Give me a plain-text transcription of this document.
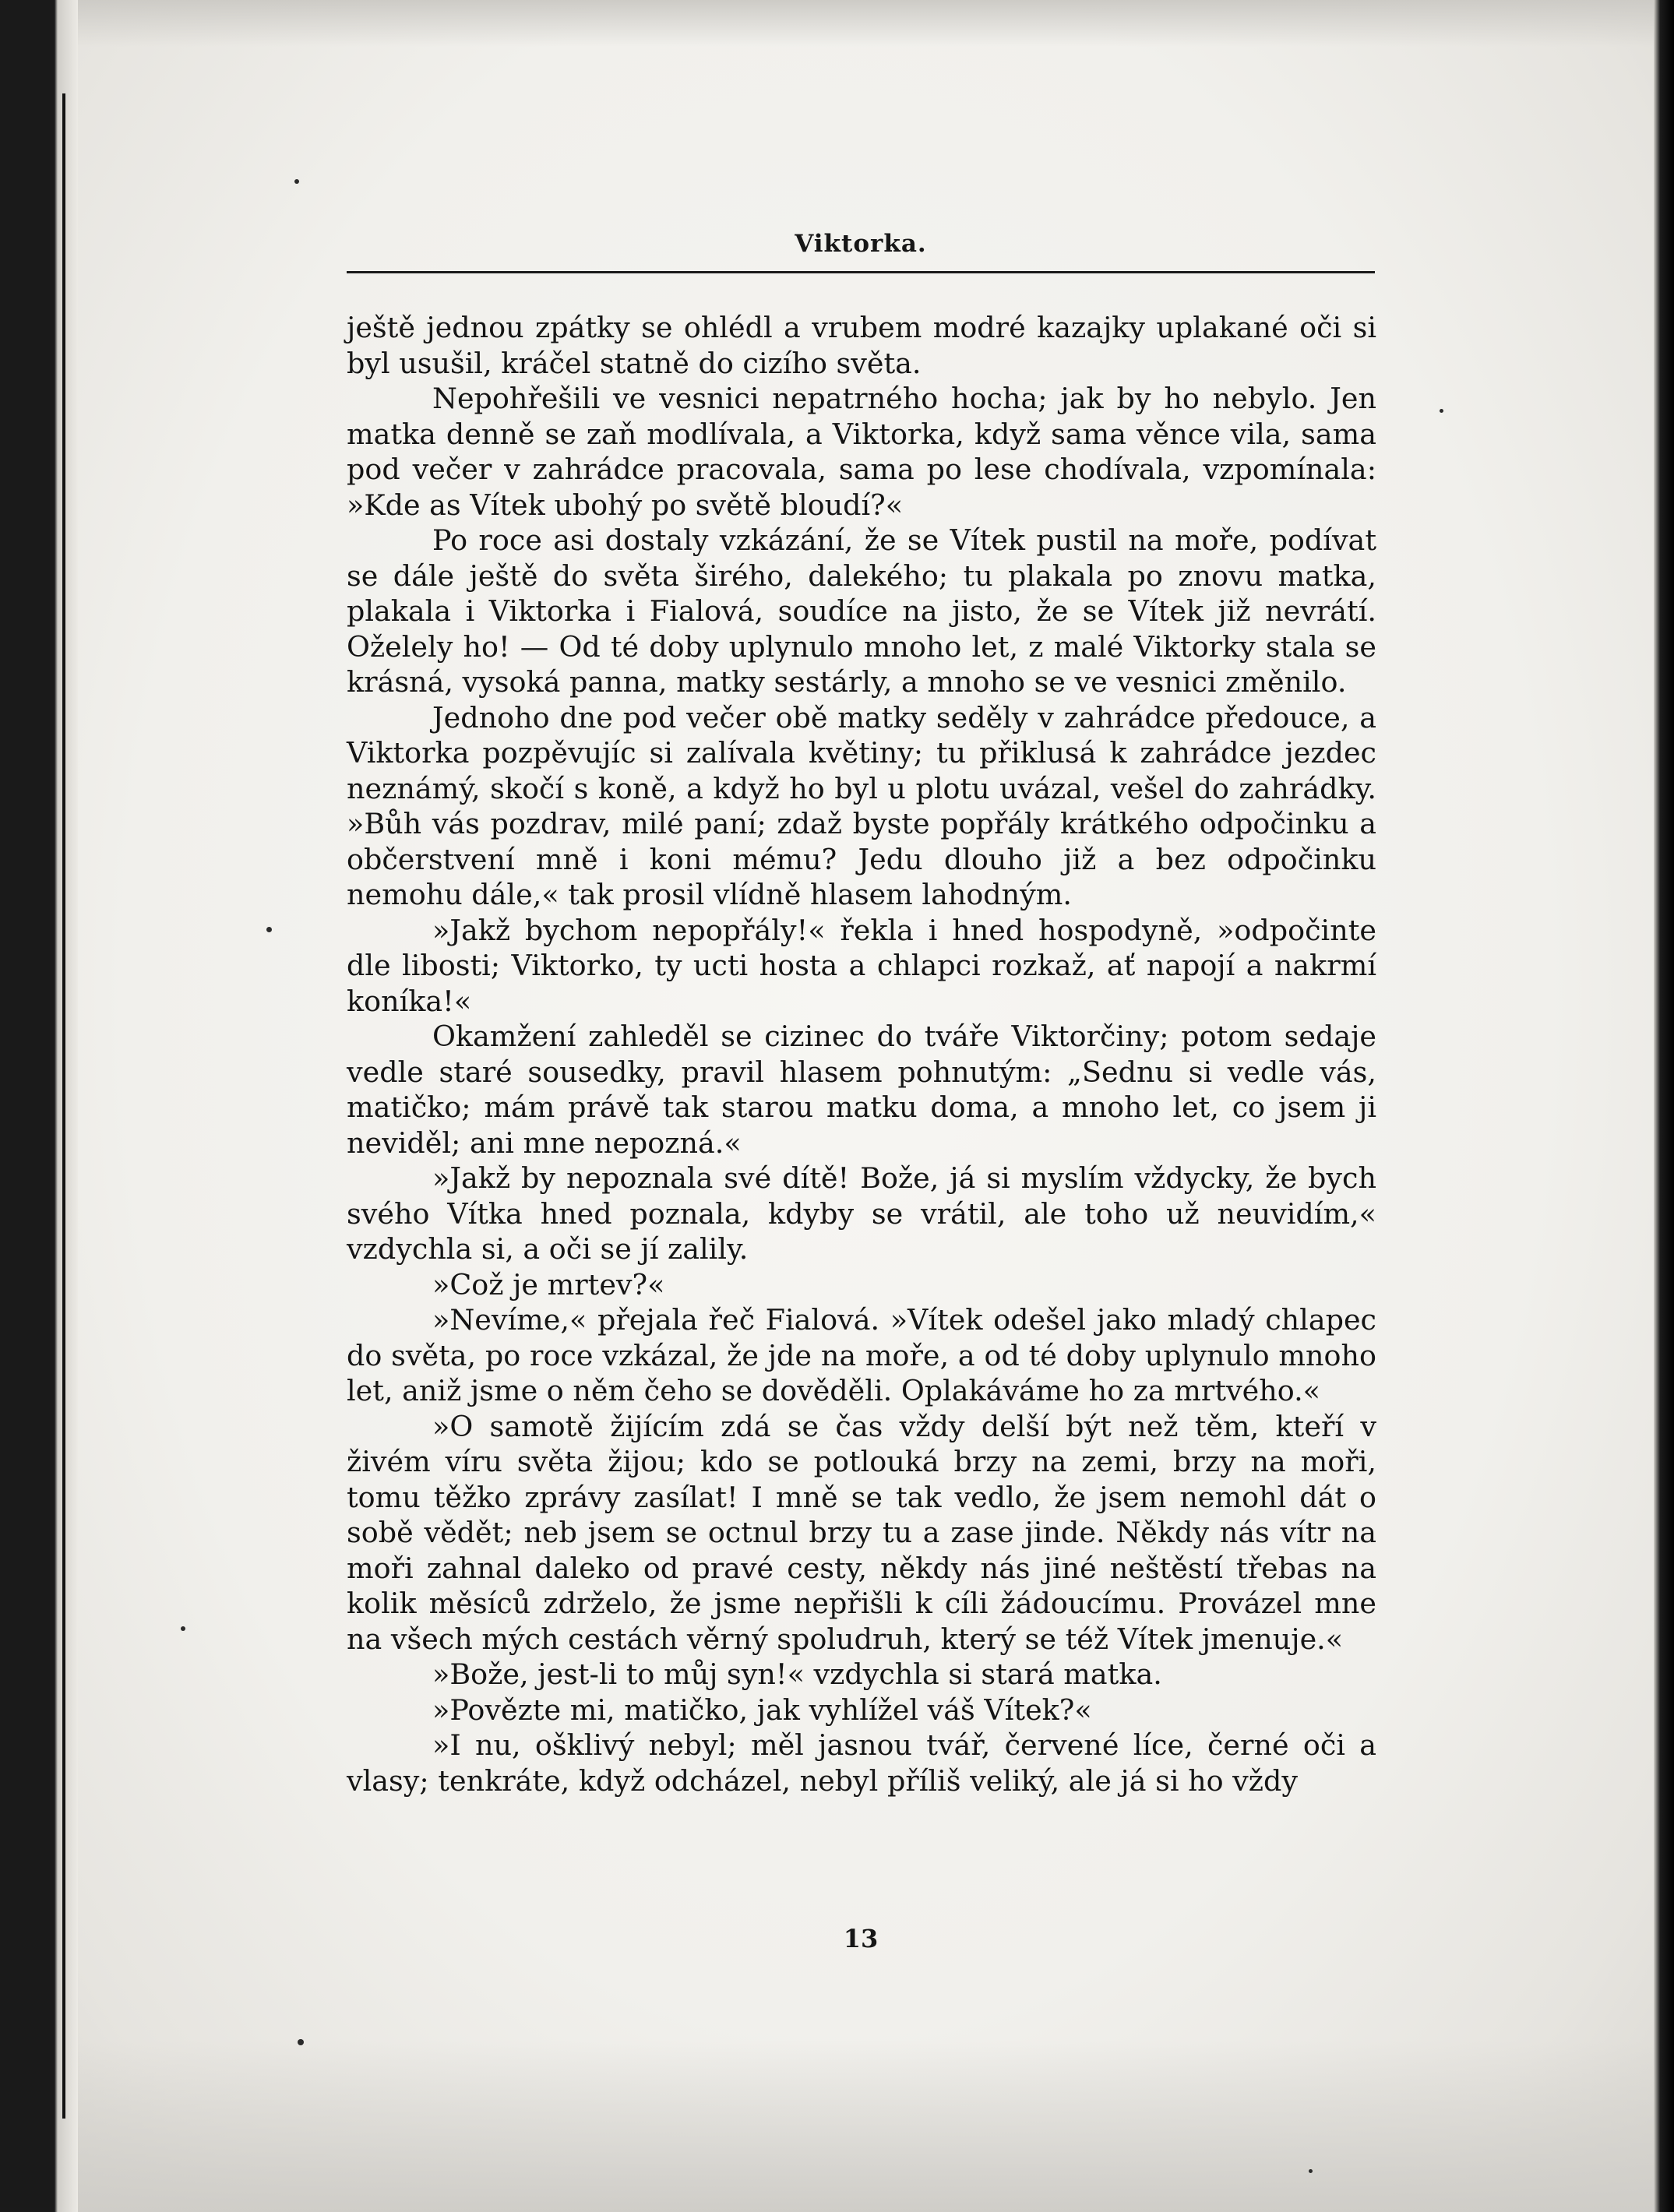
Viktorka.

ještě jednou zpátky se ohlédl a vrubem modré kazajky uplakané oči si byl usušil, kráčel statně do cizího světa.

Nepohřešili ve vesnici nepatrného hocha; jak by ho nebylo. Jen matka denně se zaň modlívala, a Viktorka, když sama věnce vila, sama pod večer v zahrádce pracovala, sama po lese chodívala, vzpomínala: »Kde as Vítek ubohý po světě bloudí?«

Po roce asi dostaly vzkázání, že se Vítek pustil na moře, podívat se dále ještě do světa širého, dalekého; tu plakala po znovu matka, plakala i Viktorka i Fialová, soudíce na jisto, že se Vítek již nevrátí. Oželely ho! — Od té doby uplynulo mnoho let, z malé Viktorky stala se krásná, vysoká panna, matky sestárly, a mnoho se ve vesnici změnilo.

Jednoho dne pod večer obě matky seděly v zahrádce předouce, a Viktorka pozpěvujíc si zalívala květiny; tu přiklusá k zahrádce jezdec neznámý, skočí s koně, a když ho byl u plotu uvázal, vešel do zahrádky. »Bůh vás pozdrav, milé paní; zdaž byste popřály krátkého odpočinku a občerstvení mně i koni mému? Jedu dlouho již a bez odpočinku nemohu dále,« tak prosil vlídně hlasem lahodným.

»Jakž bychom nepopřály!« řekla i hned hospodyně, »odpočinte dle libosti; Viktorko, ty ucti hosta a chlapci rozkaž, ať napojí a nakrmí koníka!«

Okamžení zahleděl se cizinec do tváře Viktorčiny; potom sedaje vedle staré sousedky, pravil hlasem pohnutým: „Sednu si vedle vás, matičko; mám právě tak starou matku doma, a mnoho let, co jsem ji neviděl; ani mne nepozná.«

»Jakž by nepoznala své dítě! Bože, já si myslím vždycky, že bych svého Vítka hned poznala, kdyby se vrátil, ale toho už neuvidím,« vzdychla si, a oči se jí zalily.

»Což je mrtev?«

»Nevíme,« přejala řeč Fialová. »Vítek odešel jako mladý chlapec do světa, po roce vzkázal, že jde na moře, a od té doby uplynulo mnoho let, aniž jsme o něm čeho se dověděli. Oplakáváme ho za mrtvého.«

»O samotě žijícím zdá se čas vždy delší být než těm, kteří v živém víru světa žijou; kdo se potlouká brzy na zemi, brzy na moři, tomu těžko zprávy zasílat! I mně se tak vedlo, že jsem nemohl dát o sobě vědět; neb jsem se octnul brzy tu a zase jinde. Někdy nás vítr na moři zahnal daleko od pravé cesty, někdy nás jiné neštěstí třebas na kolik měsíců zdrželo, že jsme nepřišli k cíli žádoucímu. Provázel mne na všech mých cestách věrný spoludruh, který se též Vítek jmenuje.«

»Bože, jest-li to můj syn!« vzdychla si stará matka.

»Povězte mi, matičko, jak vyhlížel váš Vítek?«

»I nu, ošklivý nebyl; měl jasnou tvář, červené líce, černé oči a vlasy; tenkráte, když odcházel, nebyl příliš veliký, ale já si ho vždy

13
